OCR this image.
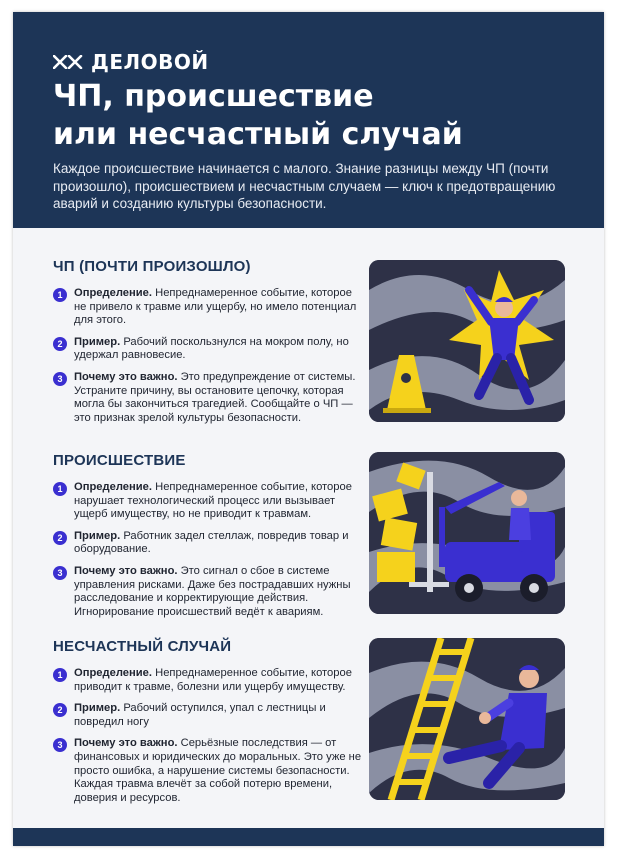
ДЕЛОВОЙ
ЧП, происшествие
или несчастный случай

Каждое происшествие начинается с малого. Знание разницы между ЧП (почти произошло), происшествием и несчастным случаем — ключ к предотвращению аварий и созданию культуры безопасности.

ЧП (ПОЧТИ ПРОИЗОШЛО)
1	Определение. Непреднамеренное событие, которое не привело к травме или ущербу, но имело потенциал для этого.
2	Пример. Рабочий поскользнулся на мокром полу, но удержал равновесие.
3	Почему это важно. Это предупреждение от системы. Устраните причину, вы остановите цепочку, которая могла бы закончиться трагедией. Сообщайте о ЧП — это признак зрелой культуры безопасности.
ПРОИСШЕСТВИЕ
1	Определение. Непреднамеренное событие, которое нарушает технологический процесс или вызывает ущерб имуществу, но не приводит к травмам.
2	Пример. Работник задел стеллаж, повредив товар и оборудование.
3	Почему это важно. Это сигнал о сбое в системе управления рисками. Даже без пострадавших нужны расследование и корректирующие действия. Игнорирование происшествий ведёт к авариям.
НЕСЧАСТНЫЙ СЛУЧАЙ
1	Определение. Непреднамеренное событие, которое приводит к травме, болезни или ущербу имуществу.
2	Пример. Рабочий оступился, упал с лестницы и повредил ногу
3	Почему это важно. Серьёзные последствия — от финансовых и юридических до моральных. Это уже не просто ошибка, а нарушение системы безопасности. Каждая травма влечёт за собой потерю времени, доверия и ресурсов.
